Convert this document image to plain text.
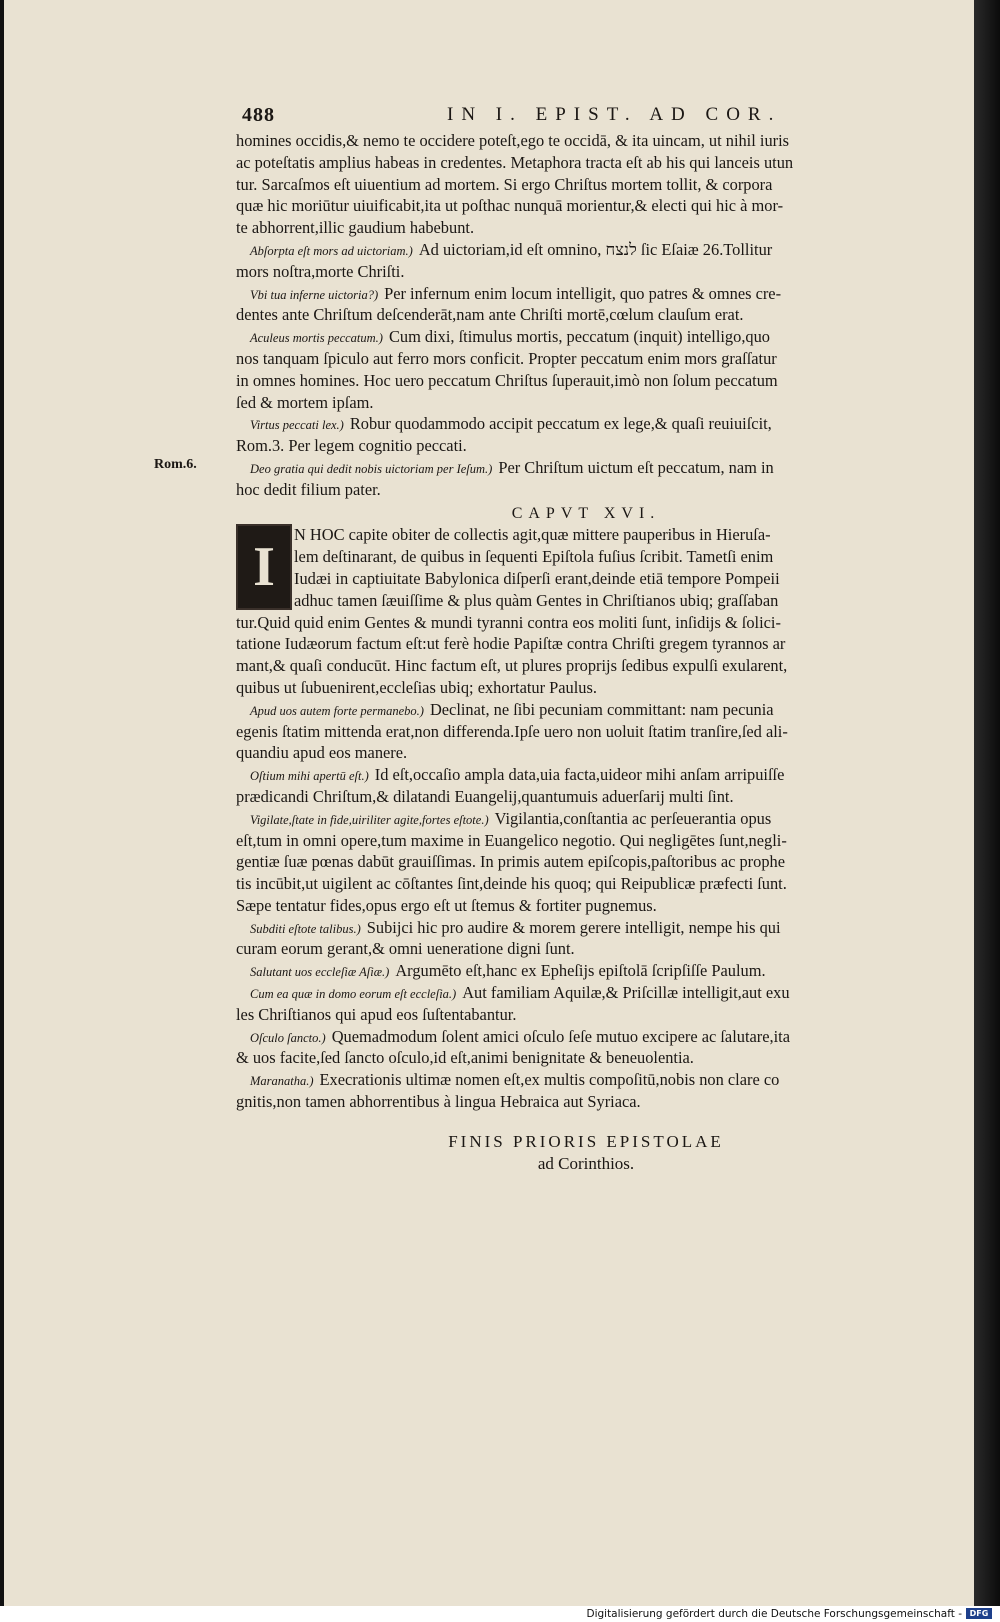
488	IN I. EPIST. AD COR.
Rom.6.
homines occidis,& nemo te occidere poteſt,ego te occidā, & ita uincam, ut nihil iuris
ac poteſtatis amplius habeas in credentes. Metaphora tracta eſt ab his qui lanceis utun
tur. Sarcaſmos eſt uiuentium ad mortem. Si ergo Chriſtus mortem tollit, & corpora
quæ hic moriūtur uiuificabit,ita ut poſthac nunquā morientur,& electi qui hic à mor-
te abhorrent,illic gaudium habebunt.
Abſorpta eſt mors ad uictoriam.) Ad uictoriam,id eſt omnino, לנצח ſic Eſaiæ 26.Tollitur
mors noſtra,morte Chriſti.
Vbi tua inferne uictoria?) Per infernum enim locum intelligit, quo patres & omnes cre-
dentes ante Chriſtum deſcenderāt,nam ante Chriſti mortē,cœlum clauſum erat.
Aculeus mortis peccatum.) Cum dixi, ſtimulus mortis, peccatum (inquit) intelligo,quo
nos tanquam ſpiculo aut ferro mors conficit. Propter peccatum enim mors graſſatur
in omnes homines. Hoc uero peccatum Chriſtus ſuperauit,imò non ſolum peccatum
ſed & mortem ipſam.
Virtus peccati lex.) Robur quodammodo accipit peccatum ex lege,& quaſi reuiuiſcit,
Rom.3. Per legem cognitio peccati.
Deo gratia qui dedit nobis uictoriam per Ieſum.) Per Chriſtum uictum eſt peccatum, nam in
hoc dedit filium pater.
CAPVT XVI.
I
N HOC capite obiter de collectis agit,quæ mittere pauperibus in Hieruſa-
lem deſtinarant, de quibus in ſequenti Epiſtola fuſius ſcribit. Tametſi enim
Iudæi in captiuitate Babylonica diſperſi erant,deinde etiā tempore Pompeii
adhuc tamen ſæuiſſime & plus quàm Gentes in Chriſtianos ubiq; graſſaban
tur.Quid quid enim Gentes & mundi tyranni contra eos moliti ſunt, inſidijs & ſolici-
tatione Iudæorum factum eſt:ut ferè hodie Papiſtæ contra Chriſti gregem tyrannos ar
mant,& quaſi conducūt. Hinc factum eſt, ut plures proprijs ſedibus expulſi exularent,
quibus ut ſubuenirent,eccleſias ubiq; exhortatur Paulus.
Apud uos autem forte permanebo.) Declinat, ne ſibi pecuniam committant: nam pecunia
egenis ſtatim mittenda erat,non differenda.Ipſe uero non uoluit ſtatim tranſire,ſed ali-
quandiu apud eos manere.
Oſtium mihi apertū eſt.) Id eſt,occaſio ampla data,uia facta,uideor mihi anſam arripuiſſe
prædicandi Chriſtum,& dilatandi Euangelij,quantumuis aduerſarij multi ſint.
Vigilate,ſtate in fide,uiriliter agite,fortes eſtote.) Vigilantia,conſtantia ac perſeuerantia opus
eſt,tum in omni opere,tum maxime in Euangelico negotio. Qui negligētes ſunt,negli-
gentiæ ſuæ pœnas dabūt grauiſſimas. In primis autem epiſcopis,paſtoribus ac prophe
tis incūbit,ut uigilent ac cōſtantes ſint,deinde his quoq; qui Reipublicæ præfecti ſunt.
Sæpe tentatur fides,opus ergo eſt ut ſtemus & fortiter pugnemus.
Subditi eſtote talibus.) Subijci hic pro audire & morem gerere intelligit, nempe his qui
curam eorum gerant,& omni ueneratione digni ſunt.
Salutant uos eccleſiæ Aſiæ.) Argumēto eſt,hanc ex Epheſijs epiſtolā ſcripſiſſe Paulum.
Cum ea quæ in domo eorum eſt eccleſia.) Aut familiam Aquilæ,& Priſcillæ intelligit,aut exu
les Chriſtianos qui apud eos ſuſtentabantur.
Oſculo ſancto.) Quemadmodum ſolent amici oſculo ſeſe mutuo excipere ac ſalutare,ita
& uos facite,ſed ſancto oſculo,id eſt,animi benignitate & beneuolentia.
Maranatha.) Execrationis ultimæ nomen eſt,ex multis compoſitū,nobis non clare co
gnitis,non tamen abhorrentibus à lingua Hebraica aut Syriaca.
FINIS PRIORIS EPISTOLAE
ad Corinthios.
Digitalisierung gefördert durch die Deutsche Forschungsgemeinschaft - DFG
